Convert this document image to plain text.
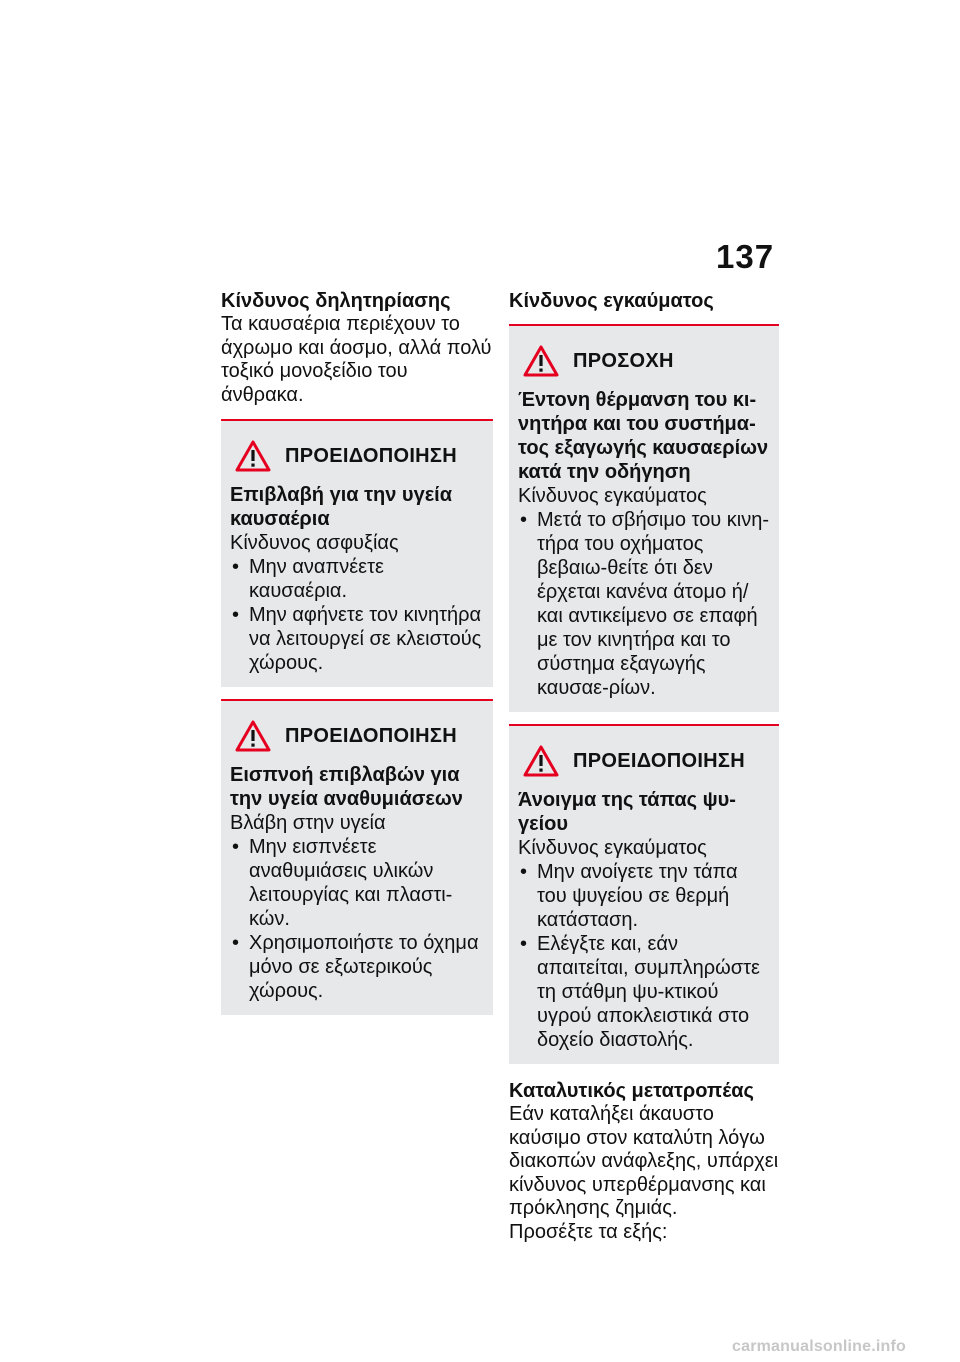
137
Κίνδυνος δηλητηρίασης

Τα καυσαέρια περιέχουν το άχρωμο και άοσμο, αλλά πολύ τοξικό μονοξείδιο του άνθρακα.

ΠΡΟΕΙΔΟΠΟΙΗΣΗ

Επιβλαβή για την υγεία καυσαέρια

Κίνδυνος ασφυξίας

• Μην αναπνέετε καυσαέρια.
• Μην αφήνετε τον κινητήρα να λειτουργεί σε κλειστούς χώρους.
ΠΡΟΕΙΔΟΠΟΙΗΣΗ

Εισπνοή επιβλαβών για την υγεία αναθυμιάσεων

Βλάβη στην υγεία

• Μην εισπνέετε αναθυμιάσεις υλικών λειτουργίας και πλαστι-κών.
• Χρησιμοποιήστε το όχημα μόνο σε εξωτερικούς χώρους.
Κίνδυνος εγκαύματος
ΠΡΟΣΟΧΗ

Έντονη θέρμανση του κι-νητήρα και του συστήμα-τος εξαγωγής καυσαερίων κατά την οδήγηση

Κίνδυνος εγκαύματος

• Μετά το σβήσιμο του κινη-τήρα του οχήματος βεβαιω-θείτε ότι δεν έρχεται κανένα άτομο ή/και αντικείμενο σε επαφή με τον κινητήρα και το σύστημα εξαγωγής καυσαε-ρίων.
ΠΡΟΕΙΔΟΠΟΙΗΣΗ

Άνοιγμα της τάπας ψυ-γείου

Κίνδυνος εγκαύματος

• Μην ανοίγετε την τάπα του ψυγείου σε θερμή κατάσταση.
• Ελέγξτε και, εάν απαιτείται, συμπληρώστε τη στάθμη ψυ-κτικού υγρού αποκλειστικά στο δοχείο διαστολής.
Καταλυτικός μετατροπέας

Εάν καταλήξει άκαυστο καύσιμο στον καταλύτη λόγω διακοπών ανάφλεξης, υπάρχει κίνδυνος υπερθέρμανσης και πρόκλησης ζημιάς.

Προσέξτε τα εξής:

carmanualsonline.info
